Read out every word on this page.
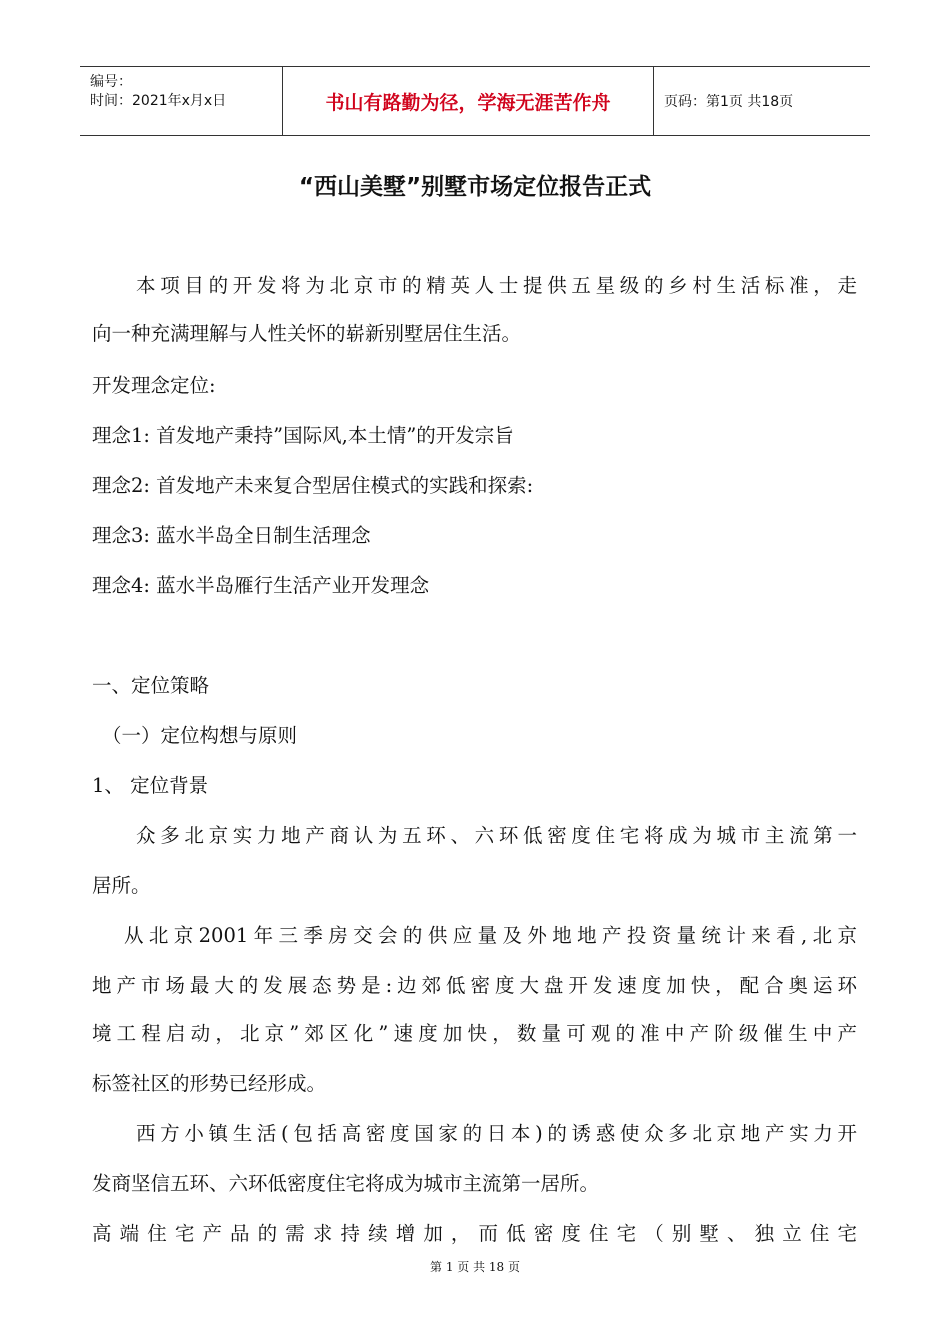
编号：
时间：2021年x月x日	书山有路勤为径，学海无涯苦作舟	页码：第1页 共18页
“西山美墅”别墅市场定位报告正式
本项目的开发将为北京市的精英人士提供五星级的乡村生活标准，走
向一种充满理解与人性关怀的崭新别墅居住生活。
开发理念定位:
理念1: 首发地产秉持”国际风,本土情”的开发宗旨
理念2: 首发地产未来复合型居住模式的实践和探索:
理念3: 蓝水半岛全日制生活理念
理念4: 蓝水半岛雁行生活产业开发理念
一、定位策略
（一）定位构想与原则
1、 定位背景
众多北京实力地产商认为五环、六环低密度住宅将成为城市主流第一
居所。
从北京2001年三季房交会的供应量及外地地产投资量统计来看,北京
地产市场最大的发展态势是:边郊低密度大盘开发速度加快，配合奥运环
境工程启动，北京”郊区化”速度加快，数量可观的准中产阶级催生中产
标签社区的形势已经形成。
西方小镇生活(包括高密度国家的日本)的诱惑使众多北京地产实力开
发商坚信五环、六环低密度住宅将成为城市主流第一居所。
高端住宅产品的需求持续增加，而低密度住宅（别墅、独立住宅
第 1 页 共 18 页
